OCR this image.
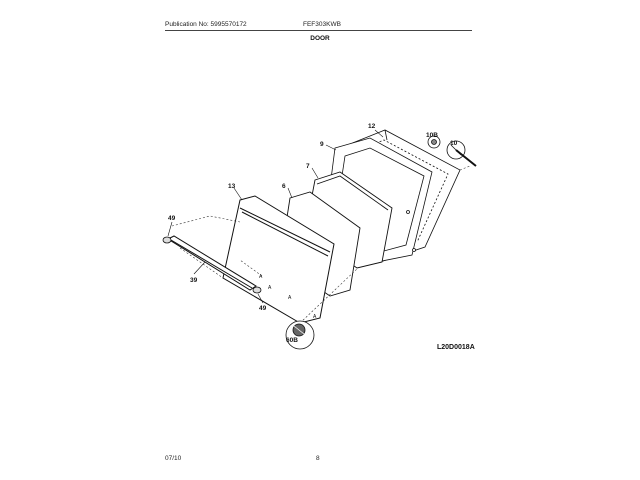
Publication No: 5995570172	FEF303KWB
DOOR
12
9
7
6
13
49
39
49
10
10B
60B
A
A
A
A
L20D0018A
07/10	8
